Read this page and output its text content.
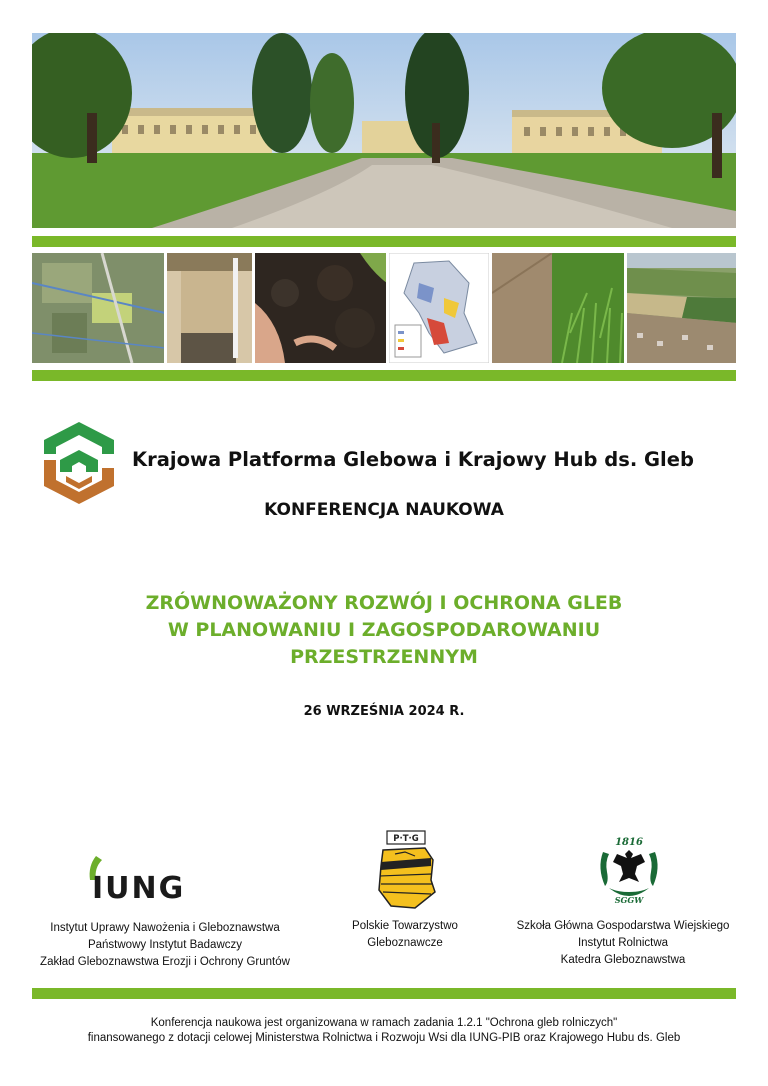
Krajowa Platforma Glebowa i Krajowy Hub ds. Gleb
KONFERENCJA NAUKOWA
ZRÓWNOWAŻONY ROZWÓJ I OCHRONA GLEB
W PLANOWANIU I ZAGOSPODAROWANIU
PRZESTRZENNYM
26 WRZEŚNIA 2024 R.
IUNG
P·T·G	1816
SGGW
Instytut Uprawy Nawożenia i Gleboznawstwa
Państwowy Instytut Badawczy
Zakład Gleboznawstwa Erozji i Ochrony Gruntów
Polskie Towarzystwo
Gleboznawcze
Szkoła Główna Gospodarstwa Wiejskiego
Instytut Rolnictwa
Katedra Gleboznawstwa
Konferencja naukowa jest organizowana w ramach zadania 1.2.1 "Ochrona gleb rolniczych"
finansowanego z dotacji celowej Ministerstwa Rolnictwa i Rozwoju Wsi dla IUNG-PIB oraz Krajowego Hubu ds. Gleb
